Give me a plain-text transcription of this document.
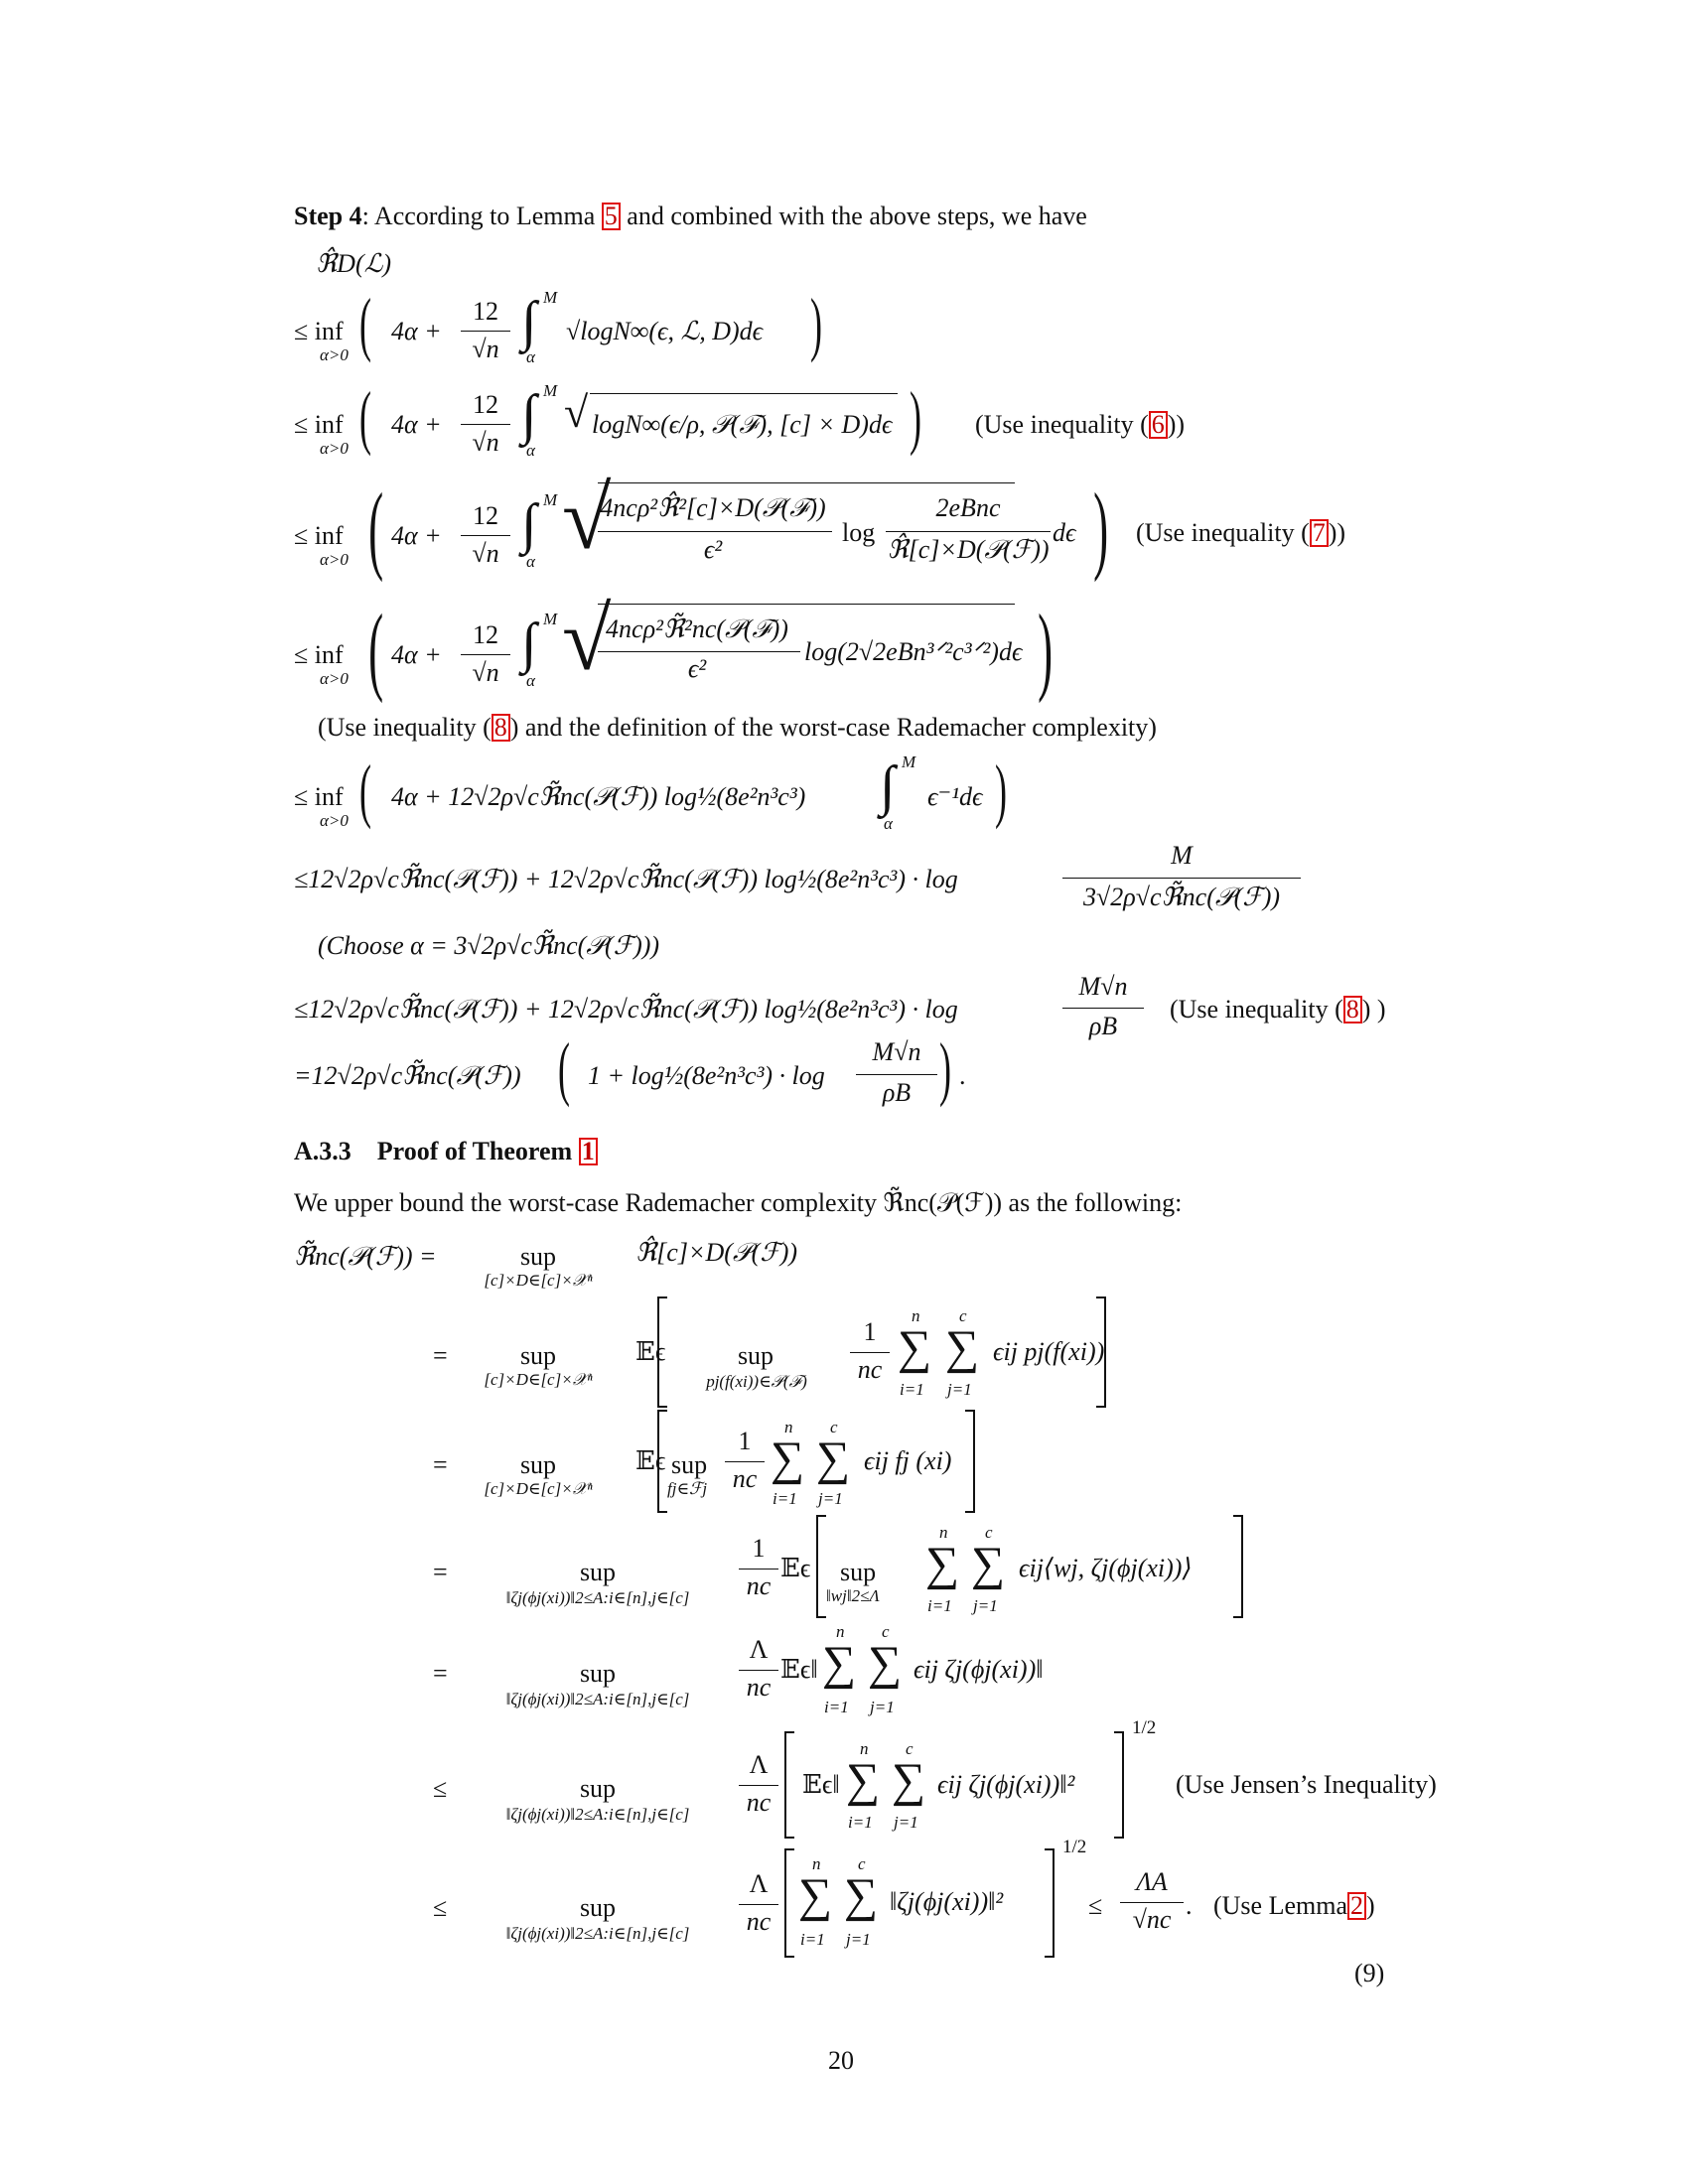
Step 4: According to Lemma 5 and combined with the above steps, we have
ℜ̂D(ℒ)
≤ inf
α>0 ( 4α +
12
√n ∫ M
α
√logN∞(ϵ, ℒ, D)dϵ )
≤ inf
α>0 ( 4α +
12
√n ∫ M
α
√ logN∞(ϵ/ρ, 𝒫(ℱ), [c] × D)dϵ ) (Use inequality ( 6 ))
≤ inf
α>0 ( 4α +
12
√n ∫ M
α √
4ncρ²ℜ̂²[c]×D(𝒫(ℱ))
ϵ²
log
2eBnc
ℜ̂[c]×D(𝒫(ℱ))
dϵ ) (Use inequality ( 7 ))
≤ inf
α>0 ( 4α +
12
√n ∫ M
α √
4ncρ²ℜ̃²nc(𝒫(ℱ))
ϵ²
log(2√2eBn³ᐟ²c³ᐟ²)dϵ )
(Use inequality ( 8 ) and the definition of the worst-case Rademacher complexity)
≤ inf
α>0 ( 4α + 12√2ρ√cℜ̃nc(𝒫(ℱ)) log½(8e²n³c³) ∫ M
α
ϵ⁻¹dϵ )
≤12√2ρ√cℜ̃nc(𝒫(ℱ)) + 12√2ρ√cℜ̃nc(𝒫(ℱ)) log½(8e²n³c³) · log
M
3√2ρ√cℜ̃nc(𝒫(ℱ))
(Choose α = 3√2ρ√cℜ̃nc(𝒫(ℱ)))
≤12√2ρ√cℜ̃nc(𝒫(ℱ)) + 12√2ρ√cℜ̃nc(𝒫(ℱ)) log½(8e²n³c³) · log
M√n
ρB
(Use inequality ( 8 ) )
=12√2ρ√cℜ̃nc(𝒫(ℱ)) ( 1 + log½(8e²n³c³) · log
M√n
ρB ) .
A.3.3 Proof of Theorem 1
We upper bound the worst-case Rademacher complexity ℜ̃nc(𝒫(ℱ)) as the following:
ℜ̃nc(𝒫(ℱ)) =	sup
[c]×D∈[c]×𝒳ⁿ
ℜ̂[c]×D(𝒫(ℱ))
=	sup
[c]×D∈[c]×𝒳ⁿ
𝔼ϵ	sup
pj(f(xi))∈𝒫(ℱ)
1
nc
n
∑
i=1
c
∑
j=1
ϵij pj(f(xi))
=	sup
[c]×D∈[c]×𝒳ⁿ
𝔼ϵ sup
fj∈ℱj
1
nc
n
∑
i=1
c
∑
j=1
ϵij fj (xi)
=	sup
‖ζj(ϕj(xi))‖2≤A:i∈[n],j∈[c]
1
nc
𝔼ϵ sup
‖wj‖2≤Λ
n
∑
i=1
c
∑
j=1
ϵij⟨wj, ζj(ϕj(xi))⟩
=	sup
‖ζj(ϕj(xi))‖2≤A:i∈[n],j∈[c]
Λ
nc
𝔼ϵ‖
n
∑
i=1
c
∑
j=1
ϵij ζj(ϕj(xi))‖
≤	sup
‖ζj(ϕj(xi))‖2≤A:i∈[n],j∈[c]
Λ
nc
𝔼ϵ‖
n
∑
i=1
c
∑
j=1
ϵij ζj(ϕj(xi))‖²
1/2
(Use Jensen’s Inequality)
≤	sup
‖ζj(ϕj(xi))‖2≤A:i∈[n],j∈[c]
Λ
nc
n
∑
i=1
c
∑
j=1
‖ζj(ϕj(xi))‖²
1/2
≤
ΛA
√nc . (Use Lemma 2 )
(9)
20
